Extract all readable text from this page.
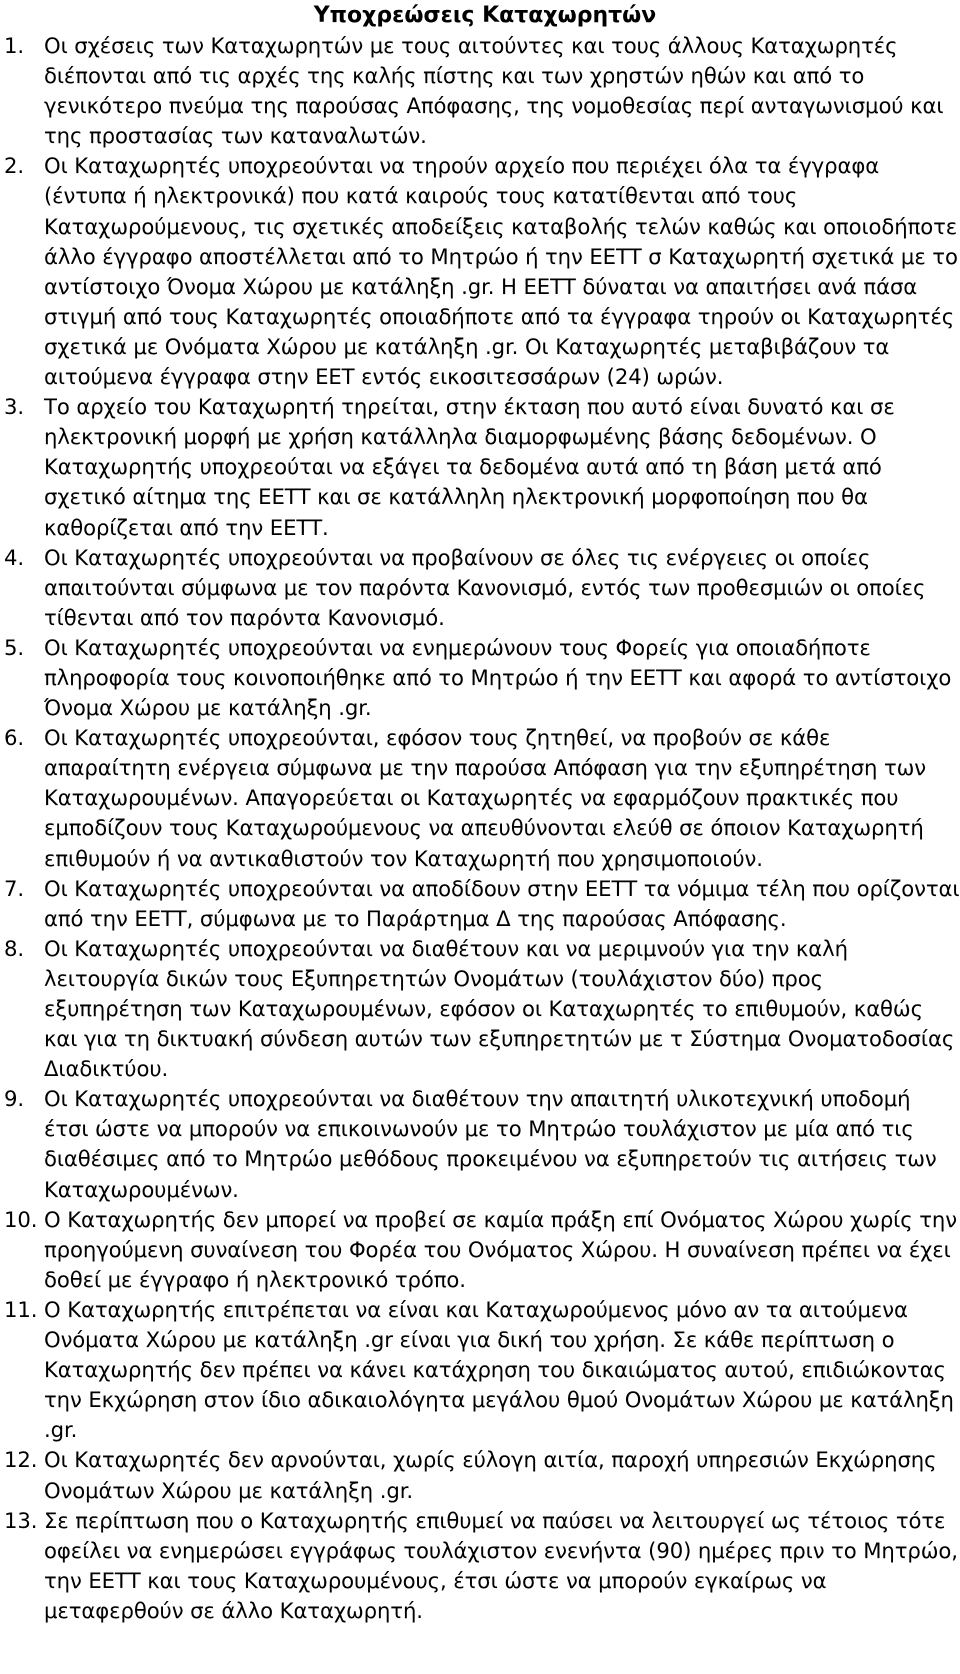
Υποχρεώσεις Καταχωρητών
1. Οι σχέσεις των Καταχωρητών με τους αιτούντες και τους άλλους Καταχωρητές διέπονται από τις αρχές της καλής πίστης και των χρηστών ηθών και από το γενικότερο πνεύμα της παρούσας Απόφασης, της νομοθεσίας περί ανταγωνισμού και της προστασίας των καταναλωτών.
2. Οι Καταχωρητές υποχρεούνται να τηρούν αρχείο που περιέχει όλα τα έγγραφα (έντυπα ή ηλεκτρονικά) που κατά καιρούς τους κατατίθενται από τους Καταχωρούμενους, τις σχετικές αποδείξεις καταβολής τελών καθώς και οποιοδήποτε άλλο έγγραφο αποστέλλεται από το Μητρώο ή την ΕΕΤΤ σ Καταχωρητή σχετικά με το αντίστοιχο Όνομα Χώρου με κατάληξη .gr. Η ΕΕΤΤ δύναται να απαιτήσει ανά πάσα στιγμή από τους Καταχωρητές οποιαδήποτε από τα έγγραφα τηρούν οι Καταχωρητές σχετικά με Ονόματα Χώρου με κατάληξη .gr. Οι Καταχωρητές μεταβιβάζουν τα αιτούμενα έγγραφα στην ΕΕΤ εντός εικοσιτεσσάρων (24) ωρών.
3. Το αρχείο του Καταχωρητή τηρείται, στην έκταση που αυτό είναι δυνατό και σε ηλεκτρονική μορφή με χρήση κατάλληλα διαμορφωμένης βάσης δεδομένων. Ο Καταχωρητής υποχρεούται να εξάγει τα δεδομένα αυτά από τη βάση μετά από σχετικό αίτημα της ΕΕΤΤ και σε κατάλληλη ηλεκτρονική μορφοποίηση που θα καθορίζεται από την ΕΕΤΤ.
4. Οι Καταχωρητές υποχρεούνται να προβαίνουν σε όλες τις ενέργειες οι οποίες απαιτούνται σύμφωνα με τον παρόντα Κανονισμό, εντός των προθεσμιών οι οποίες τίθενται από τον παρόντα Κανονισμό.
5. Οι Καταχωρητές υποχρεούνται να ενημερώνουν τους Φορείς για οποιαδήποτε πληροφορία τους κοινοποιήθηκε από το Μητρώο ή την ΕΕΤΤ και αφορά το αντίστοιχο Όνομα Χώρου με κατάληξη .gr.
6. Οι Καταχωρητές υποχρεούνται, εφόσον τους ζητηθεί, να προβούν σε κάθε απαραίτητη ενέργεια σύμφωνα με την παρούσα Απόφαση για την εξυπηρέτηση των Καταχωρουμένων. Απαγορεύεται οι Καταχωρητές να εφαρμόζουν πρακτικές που εμποδίζουν τους Καταχωρούμενους να απευθύνονται ελεύθ σε όποιον Καταχωρητή επιθυμούν ή να αντικαθιστούν τον Καταχωρητή που χρησιμοποιούν.
7. Οι Καταχωρητές υποχρεούνται να αποδίδουν στην ΕΕΤΤ τα νόμιμα τέλη που ορίζονται από την ΕΕΤΤ, σύμφωνα με το Παράρτημα Δ της παρούσας Απόφασης.
8. Οι Καταχωρητές υποχρεούνται να διαθέτουν και να μεριμνούν για την καλή λειτουργία δικών τους Εξυπηρετητών Ονομάτων (τουλάχιστον δύο) προς εξυπηρέτηση των Καταχωρουμένων, εφόσον οι Καταχωρητές το επιθυμούν, καθώς και για τη δικτυακή σύνδεση αυτών των εξυπηρετητών με τ Σύστημα Ονοματοδοσίας Διαδικτύου.
9. Οι Καταχωρητές υποχρεούνται να διαθέτουν την απαιτητή υλικοτεχνική υποδομή έτσι ώστε να μπορούν να επικοινωνούν με το Μητρώο τουλάχιστον με μία από τις διαθέσιμες από το Μητρώο μεθόδους προκειμένου να εξυπηρετούν τις αιτήσεις των Καταχωρουμένων.
10. Ο Καταχωρητής δεν μπορεί να προβεί σε καμία πράξη επί Ονόματος Χώρου χωρίς την προηγούμενη συναίνεση του Φορέα του Ονόματος Χώρου. Η συναίνεση πρέπει να έχει δοθεί με έγγραφο ή ηλεκτρονικό τρόπο.
11. Ο Καταχωρητής επιτρέπεται να είναι και Καταχωρούμενος μόνο αν τα αιτούμενα Ονόματα Χώρου με κατάληξη .gr είναι για δική του χρήση. Σε κάθε περίπτωση ο Καταχωρητής δεν πρέπει να κάνει κατάχρηση του δικαιώματος αυτού, επιδιώκοντας την Εκχώρηση στον ίδιο αδικαιολόγητα μεγάλου θμού Ονομάτων Χώρου με κατάληξη .gr.
12. Οι Καταχωρητές δεν αρνούνται, χωρίς εύλογη αιτία, παροχή υπηρεσιών Εκχώρησης Ονομάτων Χώρου με κατάληξη .gr.
13. Σε περίπτωση που ο Καταχωρητής επιθυμεί να παύσει να λειτουργεί ως τέτοιος τότε οφείλει να ενημερώσει εγγράφως τουλάχιστον ενενήντα (90) ημέρες πριν το Μητρώο, την ΕΕΤΤ και τους Καταχωρουμένους, έτσι ώστε να μπορούν εγκαίρως να μεταφερθούν σε άλλο Καταχωρητή.
